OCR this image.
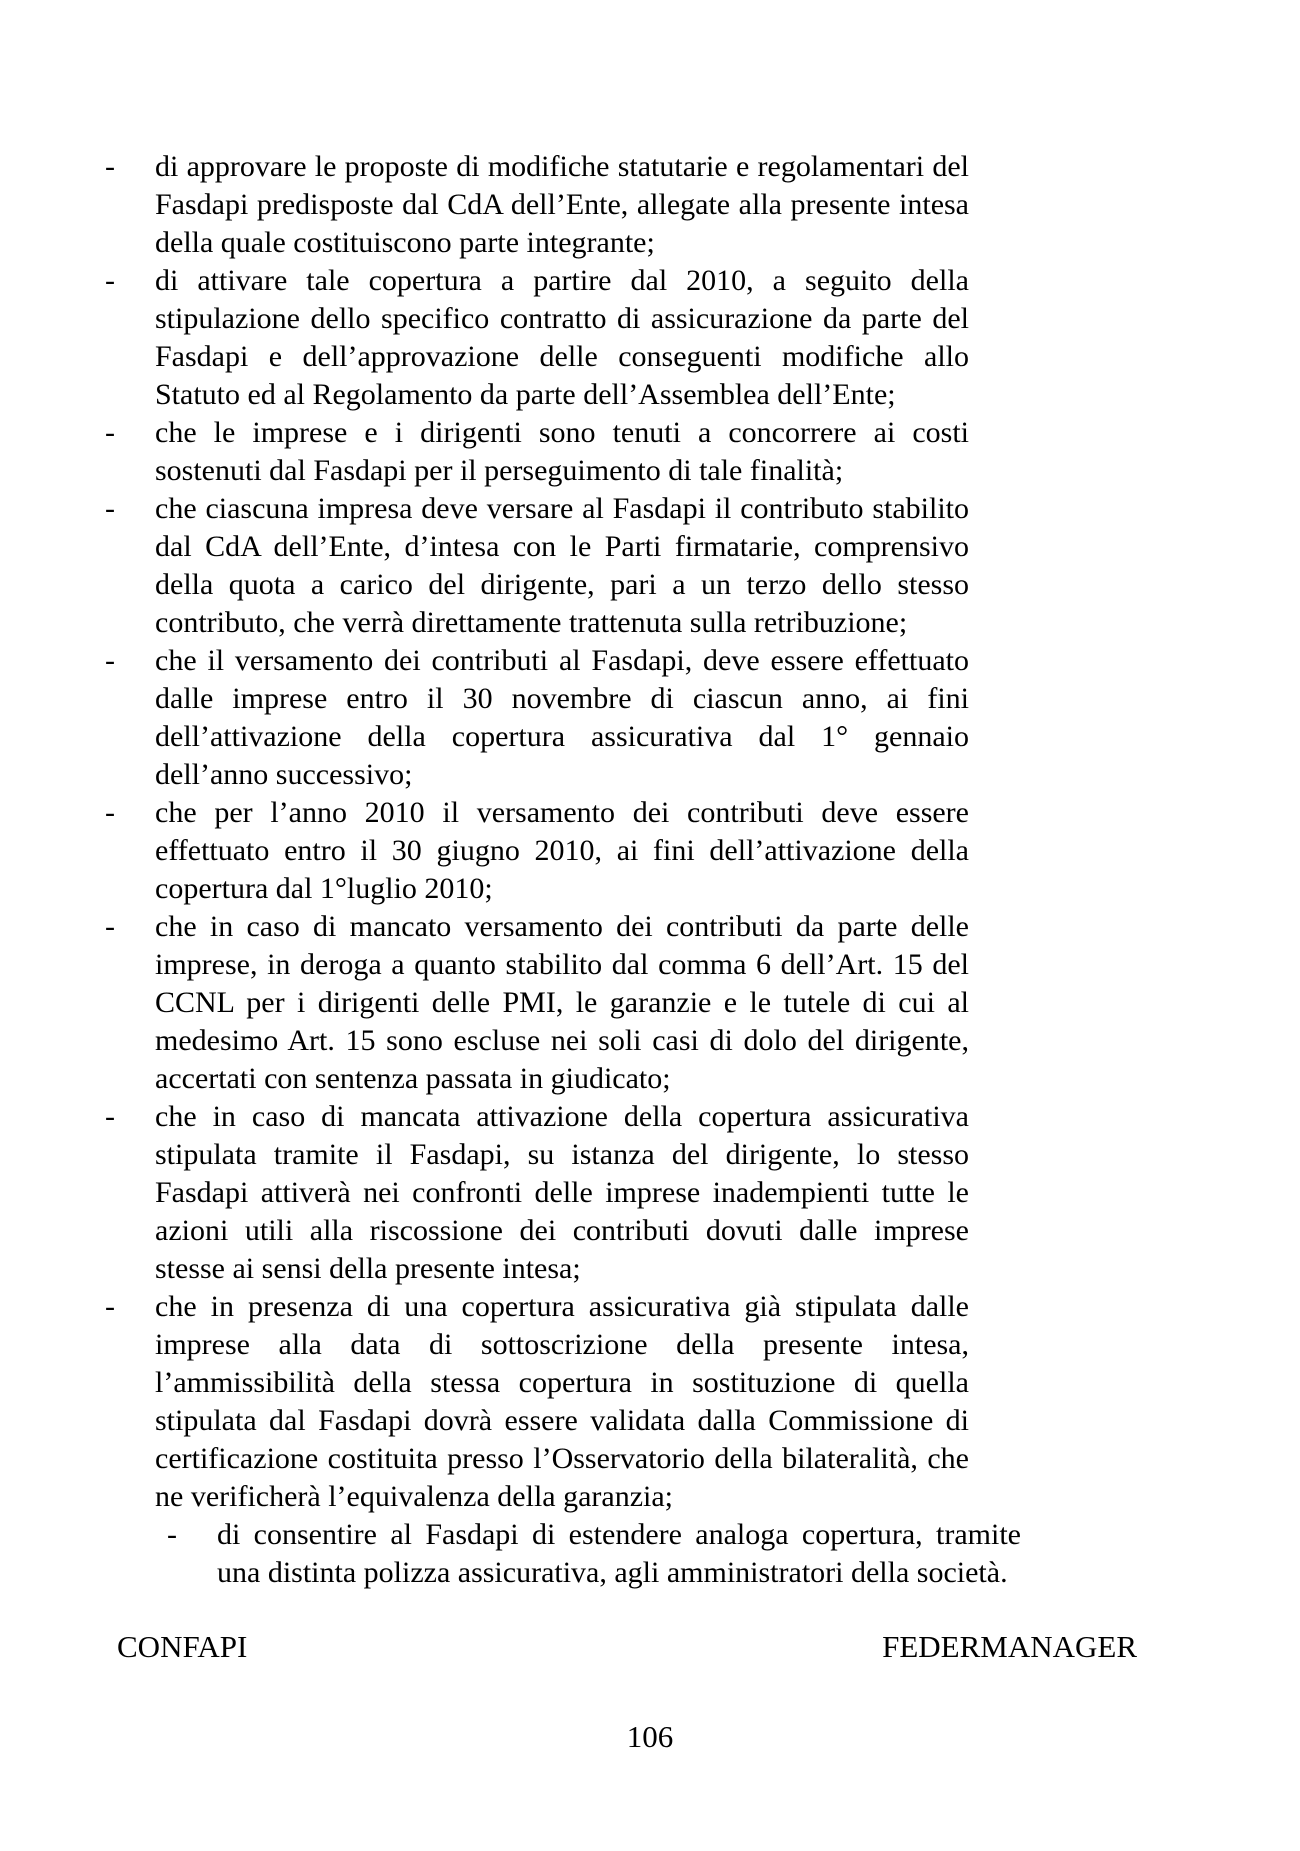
- di approvare le proposte di modifiche statutarie e regolamentari del Fasdapi predisposte dal CdA dell’Ente, allegate alla presente intesa della quale costituiscono parte integrante;
- di attivare tale copertura a partire dal 2010, a seguito della stipulazione dello specifico contratto di assicurazione da parte del Fasdapi e dell’approvazione delle conseguenti modifiche allo Statuto ed al Regolamento da parte dell’Assemblea dell’Ente;
- che le imprese e i dirigenti sono tenuti a concorrere ai costi sostenuti dal Fasdapi per il perseguimento di tale finalità;
- che ciascuna impresa deve versare al Fasdapi il contributo stabilito dal CdA dell’Ente, d’intesa con le Parti firmatarie, comprensivo della quota a carico del dirigente, pari a un terzo dello stesso contributo, che verrà direttamente trattenuta sulla retribuzione;
- che il versamento dei contributi al Fasdapi, deve essere effettuato dalle imprese entro il 30 novembre di ciascun anno, ai fini dell’attivazione della copertura assicurativa dal 1° gennaio dell’anno successivo;
- che per l’anno 2010 il versamento dei contributi deve essere effettuato entro il 30 giugno 2010, ai fini dell’attivazione della copertura dal 1°luglio 2010;
- che in caso di mancato versamento dei contributi da parte delle imprese, in deroga a quanto stabilito dal comma 6 dell’Art. 15 del CCNL per i dirigenti delle PMI, le garanzie e le tutele di cui al medesimo Art. 15 sono escluse nei soli casi di dolo del dirigente, accertati con sentenza passata in giudicato;
- che in caso di mancata attivazione della copertura assicurativa stipulata tramite il Fasdapi, su istanza del dirigente, lo stesso Fasdapi attiverà nei confronti delle imprese inadempienti tutte le azioni utili alla riscossione dei contributi dovuti dalle imprese stesse ai sensi della presente intesa;
- che in presenza di una copertura assicurativa già stipulata dalle imprese alla data di sottoscrizione della presente intesa, l’ammissibilità della stessa copertura in sostituzione di quella stipulata dal Fasdapi dovrà essere validata dalla Commissione di certificazione costituita presso l’Osservatorio della bilateralità, che ne verificherà l’equivalenza della garanzia;
- di consentire al Fasdapi di estendere analoga copertura, tramite una distinta polizza assicurativa, agli amministratori della società.
CONFAPI	FEDERMANAGER
106
